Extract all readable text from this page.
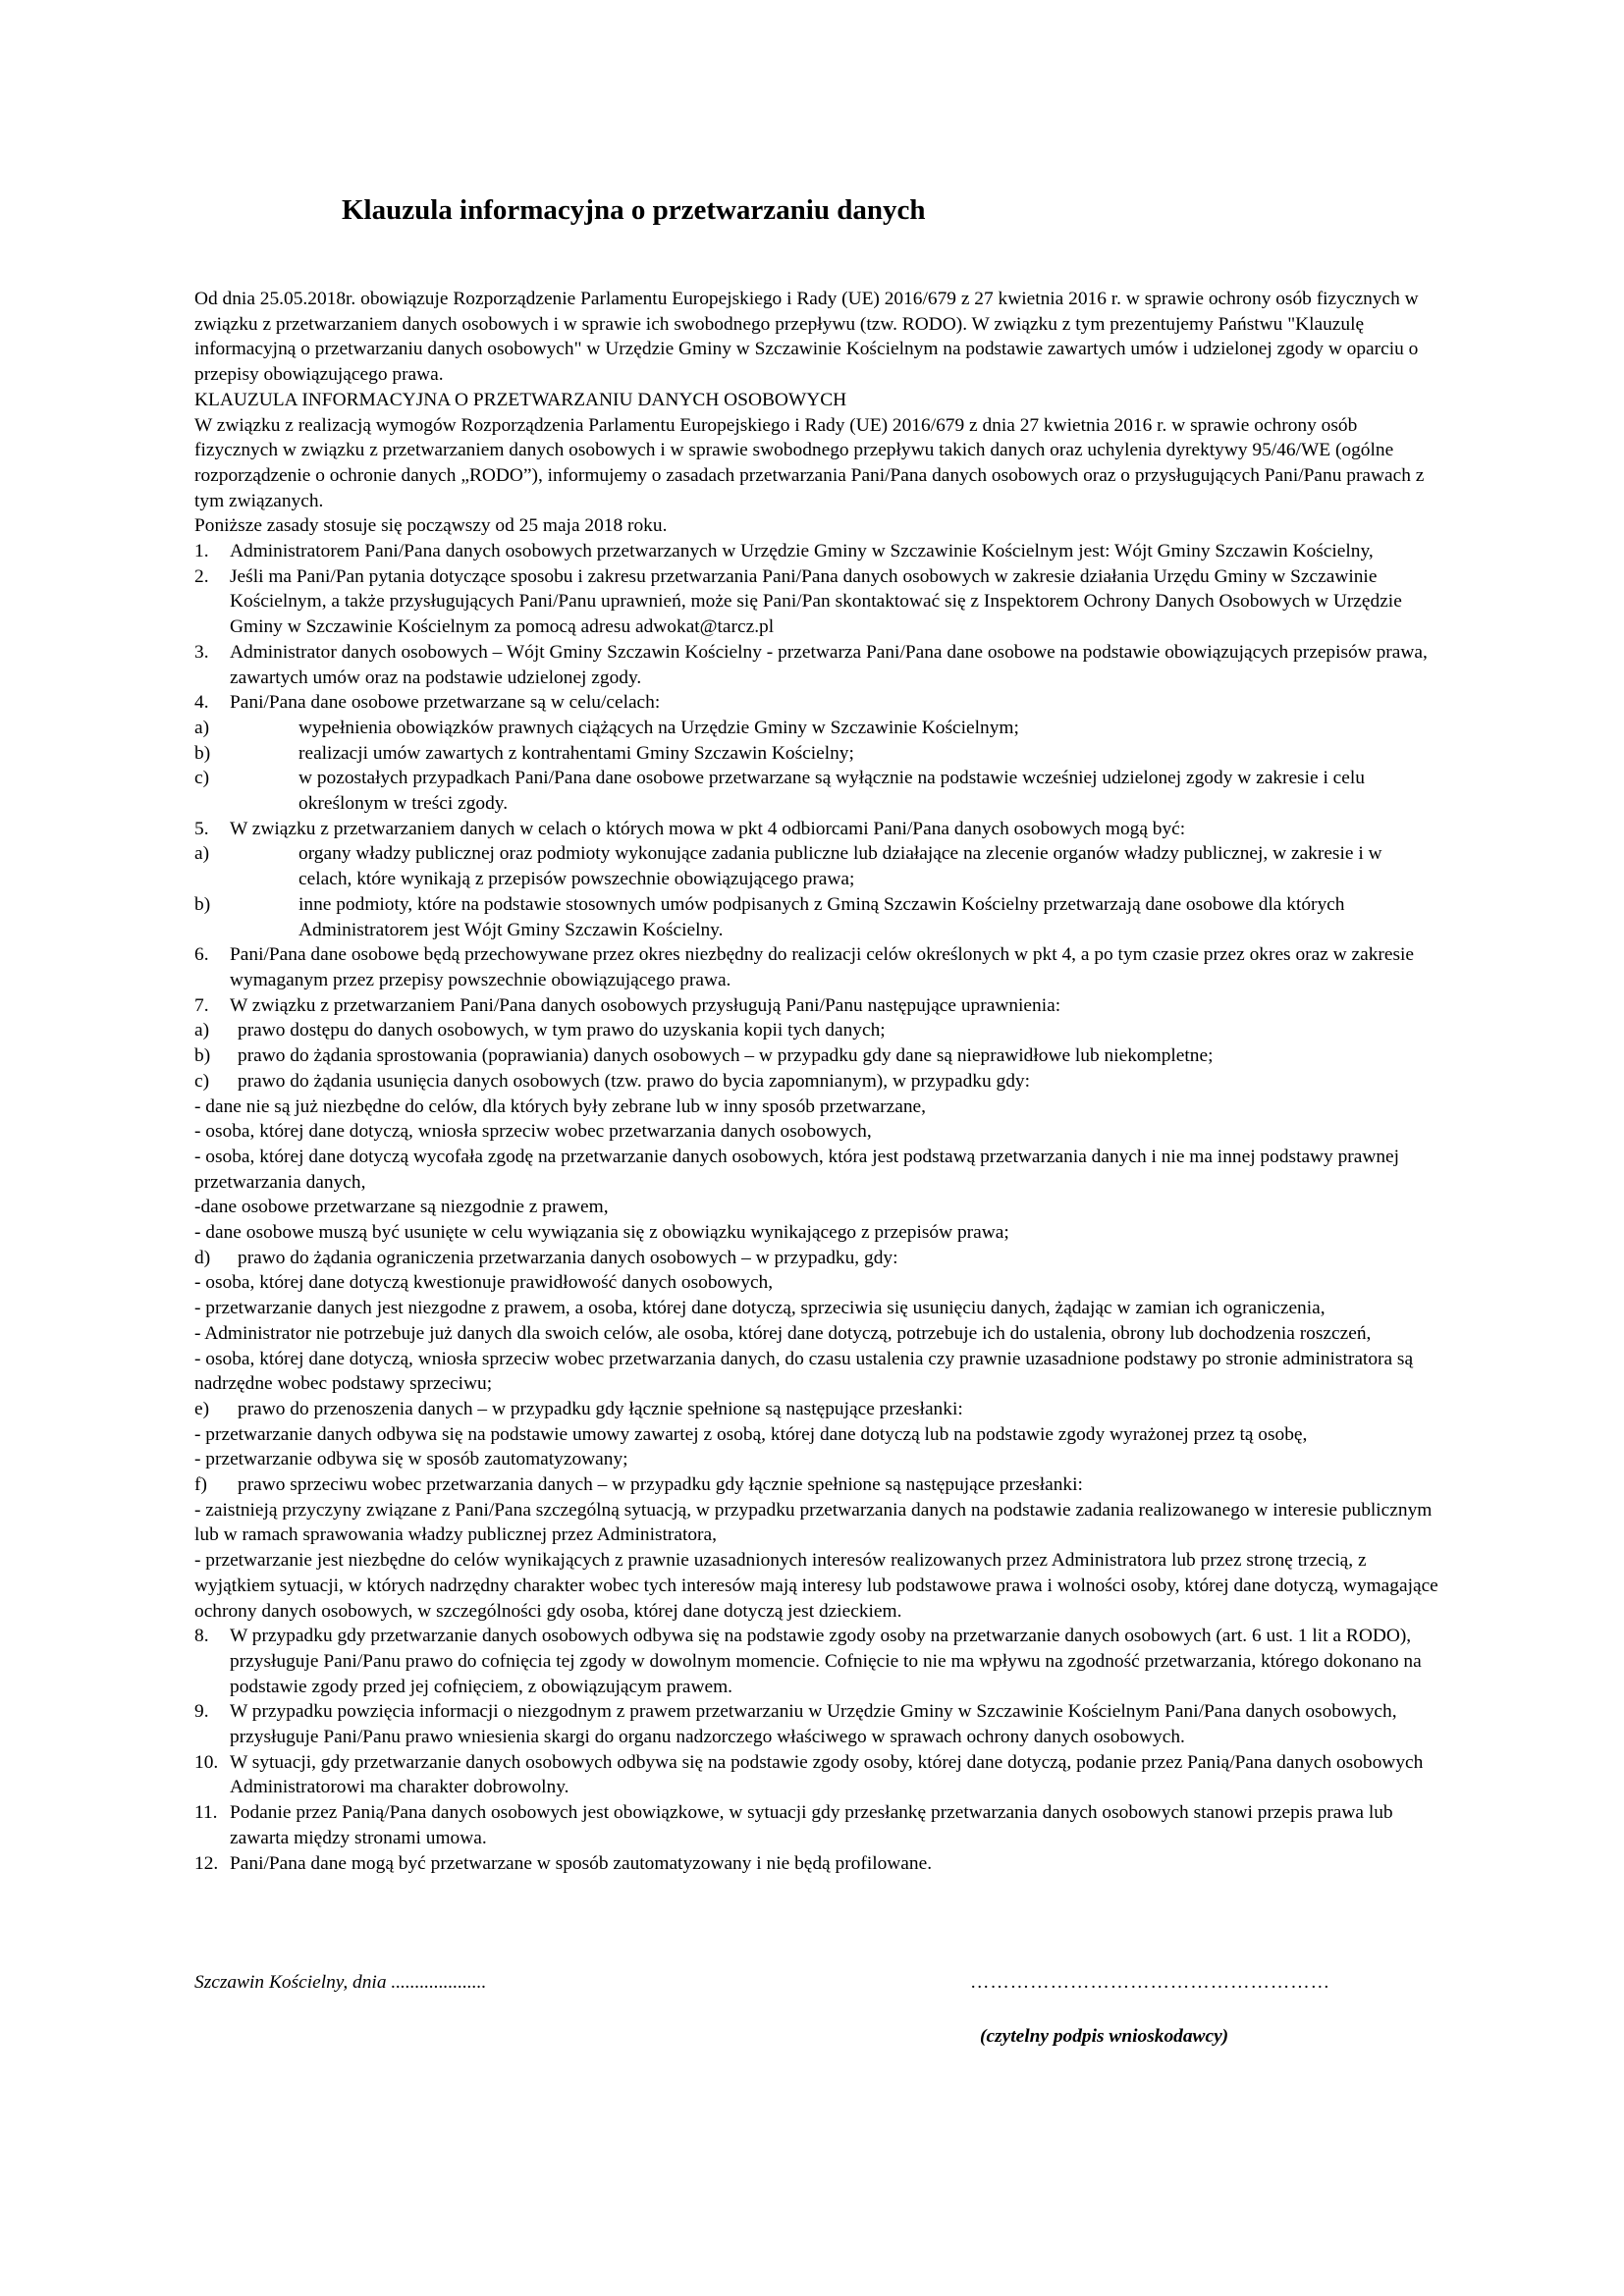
Klauzula informacyjna o przetwarzaniu danych

Od dnia 25.05.2018r. obowiązuje Rozporządzenie Parlamentu Europejskiego i Rady (UE) 2016/679 z 27 kwietnia 2016 r. w sprawie ochrony osób fizycznych w związku z przetwarzaniem danych osobowych i w sprawie ich swobodnego przepływu (tzw. RODO). W związku z tym prezentujemy Państwu "Klauzulę informacyjną o przetwarzaniu danych osobowych" w Urzędzie Gminy w Szczawinie Kościelnym na podstawie zawartych umów i udzielonej zgody w oparciu o przepisy obowiązującego prawa.

KLAUZULA INFORMACYJNA O PRZETWARZANIU DANYCH OSOBOWYCH

W związku z realizacją wymogów Rozporządzenia Parlamentu Europejskiego i Rady (UE) 2016/679 z dnia 27 kwietnia 2016 r. w sprawie ochrony osób fizycznych w związku z przetwarzaniem danych osobowych i w sprawie swobodnego przepływu takich danych oraz uchylenia dyrektywy 95/46/WE (ogólne rozporządzenie o ochronie danych „RODO”), informujemy o zasadach przetwarzania Pani/Pana danych osobowych oraz o przysługujących Pani/Panu prawach z tym związanych.

Poniższe zasady stosuje się począwszy od 25 maja 2018 roku.

1.	Administratorem Pani/Pana danych osobowych przetwarzanych w Urzędzie Gminy w Szczawinie Kościelnym jest: Wójt Gminy Szczawin Kościelny,
2.	Jeśli ma Pani/Pan pytania dotyczące sposobu i zakresu przetwarzania Pani/Pana danych osobowych w zakresie działania Urzędu Gminy w Szczawinie Kościelnym, a także przysługujących Pani/Panu uprawnień, może się Pani/Pan skontaktować się z Inspektorem Ochrony Danych Osobowych w Urzędzie Gminy w Szczawinie Kościelnym za pomocą adresu adwokat@tarcz.pl
3.	Administrator danych osobowych – Wójt Gminy Szczawin Kościelny - przetwarza Pani/Pana dane osobowe na podstawie obowiązujących przepisów prawa, zawartych umów oraz na podstawie udzielonej zgody.
4.	Pani/Pana dane osobowe przetwarzane są w celu/celach:
a)	wypełnienia obowiązków prawnych ciążących na Urzędzie Gminy w Szczawinie Kościelnym;
b)	realizacji umów zawartych z kontrahentami Gminy Szczawin Kościelny;
c)	w pozostałych przypadkach Pani/Pana dane osobowe przetwarzane są wyłącznie na podstawie wcześniej udzielonej zgody w zakresie i celu określonym w treści zgody.
5.	W związku z przetwarzaniem danych w celach o których mowa w pkt 4 odbiorcami Pani/Pana danych osobowych mogą być:
a)	organy władzy publicznej oraz podmioty wykonujące zadania publiczne lub działające na zlecenie organów władzy publicznej, w zakresie i w celach, które wynikają z przepisów powszechnie obowiązującego prawa;
b)	inne podmioty, które na podstawie stosownych umów podpisanych z Gminą Szczawin Kościelny przetwarzają dane osobowe dla których Administratorem jest Wójt Gminy Szczawin Kościelny.
6.	Pani/Pana dane osobowe będą przechowywane przez okres niezbędny do realizacji celów określonych w pkt 4, a po tym czasie przez okres oraz w zakresie wymaganym przez przepisy powszechnie obowiązującego prawa.
7.	W związku z przetwarzaniem Pani/Pana danych osobowych przysługują Pani/Panu następujące uprawnienia:
a)	prawo dostępu do danych osobowych, w tym prawo do uzyskania kopii tych danych;
b)	prawo do żądania sprostowania (poprawiania) danych osobowych – w przypadku gdy dane są nieprawidłowe lub niekompletne;
c)	prawo do żądania usunięcia danych osobowych (tzw. prawo do bycia zapomnianym), w przypadku gdy:

- dane nie są już niezbędne do celów, dla których były zebrane lub w inny sposób przetwarzane,

- osoba, której dane dotyczą, wniosła sprzeciw wobec przetwarzania danych osobowych,

- osoba, której dane dotyczą wycofała zgodę na przetwarzanie danych osobowych, która jest podstawą przetwarzania danych i nie ma innej podstawy prawnej przetwarzania danych,

-dane osobowe przetwarzane są niezgodnie z prawem,

- dane osobowe muszą być usunięte w celu wywiązania się z obowiązku wynikającego z przepisów prawa;

d)	prawo do żądania ograniczenia przetwarzania danych osobowych – w przypadku, gdy:

- osoba, której dane dotyczą kwestionuje prawidłowość danych osobowych,

- przetwarzanie danych jest niezgodne z prawem, a osoba, której dane dotyczą, sprzeciwia się usunięciu danych, żądając w zamian ich ograniczenia,

- Administrator nie potrzebuje już danych dla swoich celów, ale osoba, której dane dotyczą, potrzebuje ich do ustalenia, obrony lub dochodzenia roszczeń,

- osoba, której dane dotyczą, wniosła sprzeciw wobec przetwarzania danych, do czasu ustalenia czy prawnie uzasadnione podstawy po stronie administratora są nadrzędne wobec podstawy sprzeciwu;

e)	prawo do przenoszenia danych – w przypadku gdy łącznie spełnione są następujące przesłanki:

- przetwarzanie danych odbywa się na podstawie umowy zawartej z osobą, której dane dotyczą lub na podstawie zgody wyrażonej przez tą osobę,

- przetwarzanie odbywa się w sposób zautomatyzowany;

f)	prawo sprzeciwu wobec przetwarzania danych – w przypadku gdy łącznie spełnione są następujące przesłanki:

- zaistnieją przyczyny związane z Pani/Pana szczególną sytuacją, w przypadku przetwarzania danych na podstawie zadania realizowanego w interesie publicznym lub w ramach sprawowania władzy publicznej przez Administratora,

- przetwarzanie jest niezbędne do celów wynikających z prawnie uzasadnionych interesów realizowanych przez Administratora lub przez stronę trzecią, z wyjątkiem sytuacji, w których nadrzędny charakter wobec tych interesów mają interesy lub podstawowe prawa i wolności osoby, której dane dotyczą, wymagające ochrony danych osobowych, w szczególności gdy osoba, której dane dotyczą jest dzieckiem.

8.	W przypadku gdy przetwarzanie danych osobowych odbywa się na podstawie zgody osoby na przetwarzanie danych osobowych (art. 6 ust. 1 lit a RODO), przysługuje Pani/Panu prawo do cofnięcia tej zgody w dowolnym momencie. Cofnięcie to nie ma wpływu na zgodność przetwarzania, którego dokonano na podstawie zgody przed jej cofnięciem, z obowiązującym prawem.
9.	W przypadku powzięcia informacji o niezgodnym z prawem przetwarzaniu w Urzędzie Gminy w Szczawinie Kościelnym Pani/Pana danych osobowych, przysługuje Pani/Panu prawo wniesienia skargi do organu nadzorczego właściwego w sprawach ochrony danych osobowych.
10. W sytuacji, gdy przetwarzanie danych osobowych odbywa się na podstawie zgody osoby, której dane dotyczą, podanie przez Panią/Pana danych osobowych Administratorowi ma charakter dobrowolny.
11. Podanie przez Panią/Pana danych osobowych jest obowiązkowe, w sytuacji gdy przesłankę przetwarzania danych osobowych stanowi przepis prawa lub zawarta między stronami umowa.
12. Pani/Pana dane mogą być przetwarzane w sposób zautomatyzowany i nie będą profilowane.
Szczawin Kościelny, dnia ....................	………………………………………………
(czytelny podpis wnioskodawcy)
